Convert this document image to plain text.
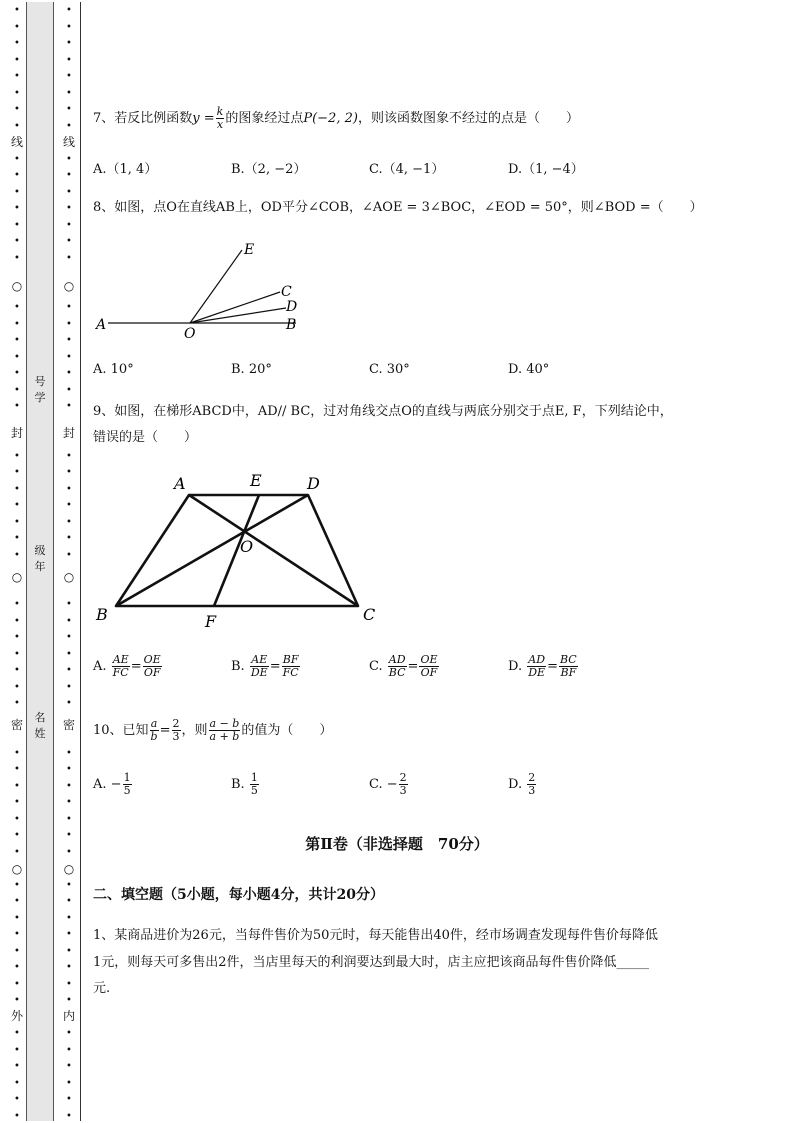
•
•
•
•
•
•
•
•
•
•
•
•
•
•
•
•
•
•
•
•
•
•
•
•
•
•
•
•
•
•
•
•
•
•
•
•
•
•
•
•
•
•
•
•
•
•
•
•
•
•
•
•
•
•
•
•
•
•
•
•
•
•
•
•
•
•
•
•
•
•
•
•
•
•
•
•
•
•
•
•
•
•
•
•
•
•
•
•
•
•
•
•
•
•
•
•
•
•
•
•
•
•
•
•
•
•
•
•
•
•
•
•
•
•
线
○
封
○
密
○
外
线
○
封
○
密
○
内
号学
级年
名姓
7、若反比例函数$y = \frac{k}{x}$ 的图象经过点P(−2, 2)，则该函数图象不经过的点是（　　）
A.（1, 4）	B.（2, −2）	C.（4, −1）	D.（1, −4）
8、如图，点O在直线AB上，OD平分∠COB，∠AOE = 3∠BOC，∠EOD = 50°，则∠BOD =（　　）
A	B
O
C
D
E
A. 10°	B. 20°	C. 30°	D. 40°
9、如图，在梯形ABCD中，AD// BC，过对角线交点O的直线与两底分别交于点E, F，下列结论中，
错误的是（　　）
A	E	D
O
B	F	C
A. $\frac{AE}{FC} = \frac{OE}{OF}$	B. $\frac{AE}{DE} = \frac{BF}{FC}$	C. $\frac{AD}{BC} = \frac{OE}{OF}$	D. $\frac{AD}{DE} = \frac{BC}{BF}$
10、已知 $\frac{a}{b} = \frac{2}{3}$ ，则 $\frac{a - b}{a + b}$ 的值为（　　）
A. − $\frac{1}{5}$	B. $\frac{1}{5}$	C. − $\frac{2}{3}$	D. $\frac{2}{3}$
第Ⅱ卷（非选择题　70分）
二、填空题（5小题，每小题4分，共计20分）
1、某商品进价为26元，当每件售价为50元时，每天能售出40件，经市场调查发现每件售价每降低
1元，则每天可多售出2件，当店里每天的利润要达到最大时，店主应把该商品每件售价降低_____
元.
